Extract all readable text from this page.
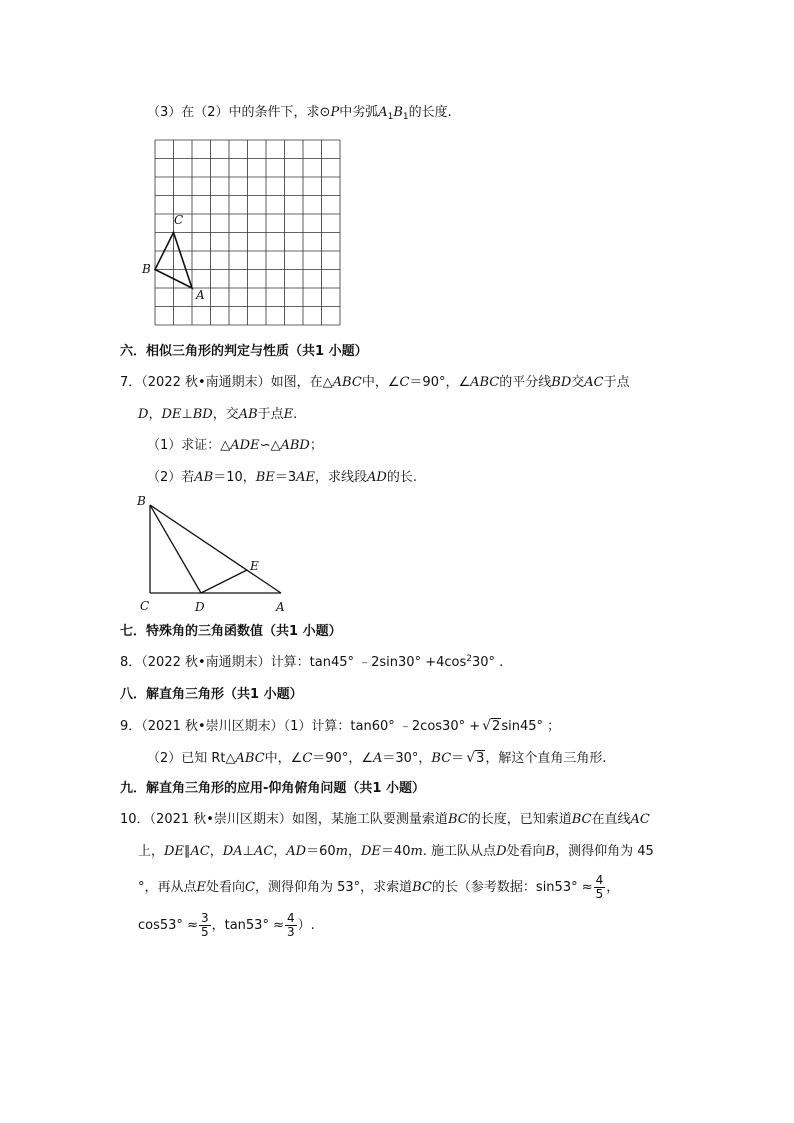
（3）在（2）中的条件下，求⊙P中劣弧$A_1B_1$的长度.
C
B
A
六．相似三角形的判定与性质（共1 小题）
7．（2022 秋•南通期末）如图，在△ABC中，∠C＝90°，∠ABC的平分线BD交AC于点
D，DE⊥BD，交AB于点E.
（1）求证：△ADE∽△ABD；
（2）若AB＝10，BE＝3AE，求线段AD的长.
B
E
C	D	A
七．特殊角的三角函数值（共1 小题）
8．（2022 秋•南通期末）计算：tan45° ﹣2sin30° $+4\cos^230^\circ$ .
八．解直角三角形（共1 小题）
9．（2021 秋•崇川区期末）（1）计算：tan60° ﹣2cos30° + √2sin45° ；
（2）已知 Rt△ABC中，∠C＝90°，∠A＝30°，BC＝ √3，解这个直角三角形.
九．解直角三角形的应用-仰角俯角问题（共1 小题）
10．（2021 秋•崇川区期末）如图，某施工队要测量索道BC的长度，已知索道BC在直线AC
上，DE∥AC，DA⊥AC，AD＝60m，DE＝40m. 施工队从点D处看向B，测得仰角为 45
°，再从点E处看向C，测得仰角为 53°，求索道BC的长（参考数据：$\sin 53^\circ \approx \frac{4}{5}$ ，
$\cos 53^\circ \approx \frac{3}{5}$ ，$\tan 53^\circ \approx \frac{4}{3}$ ）.
